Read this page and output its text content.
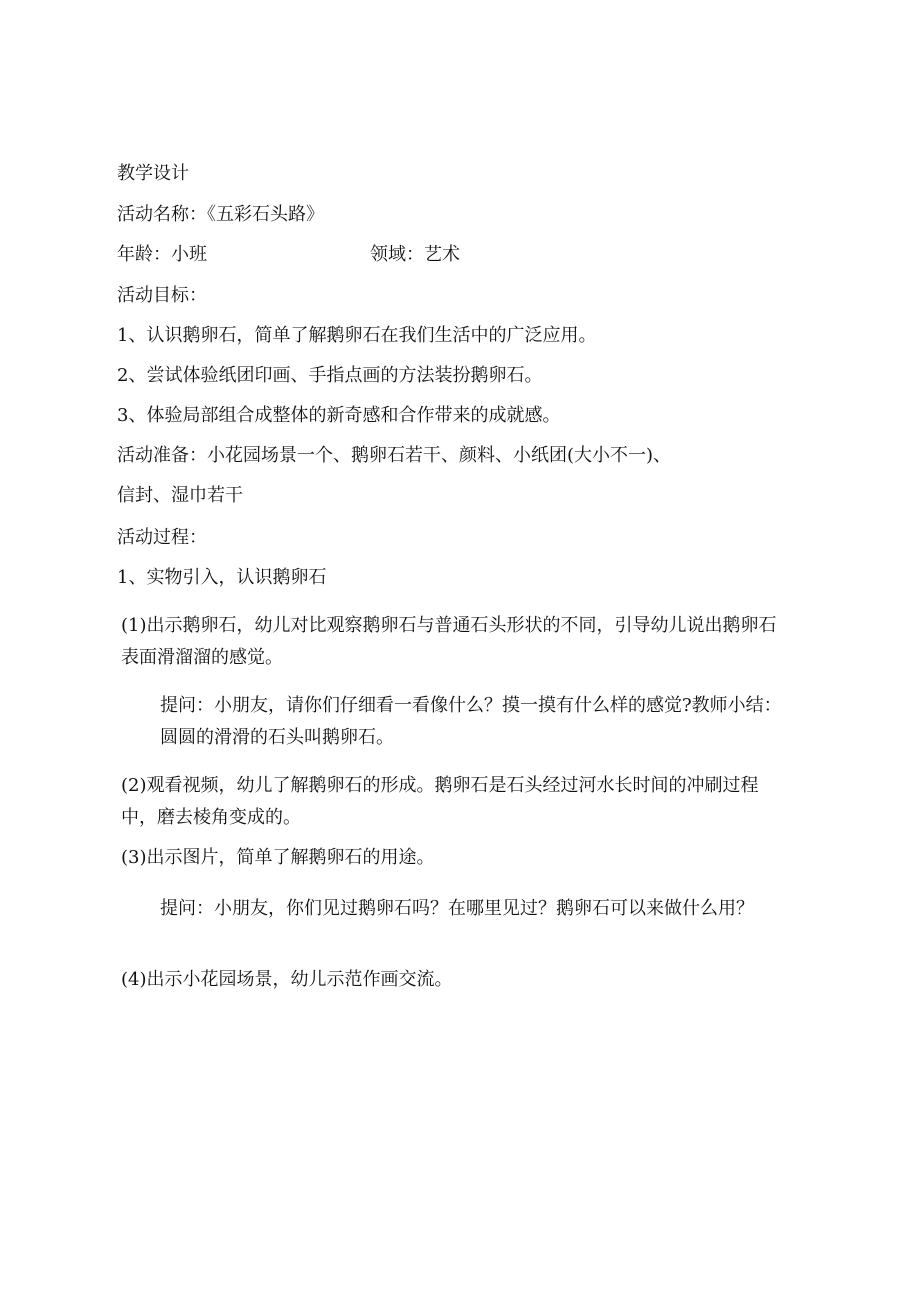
教学设计
活动名称：《五彩石头路》
年龄：小班	领域：艺术
活动目标：
1、认识鹅卵石，简单了解鹅卵石在我们生活中的广泛应用。
2、尝试体验纸团印画、手指点画的方法装扮鹅卵石。
3、体验局部组合成整体的新奇感和合作带来的成就感。
活动准备：小花园场景一个、鹅卵石若干、颜料、小纸团(大小不一)、
信封、湿巾若干
活动过程：
1、实物引入，认识鹅卵石
(1)出示鹅卵石，幼儿对比观察鹅卵石与普通石头形状的不同，引导幼儿说出鹅卵石表面滑溜溜的感觉。
提问：小朋友，请你们仔细看一看像什么？摸一摸有什么样的感觉?教师小结：圆圆的滑滑的石头叫鹅卵石。
(2)观看视频，幼儿了解鹅卵石的形成。鹅卵石是石头经过河水长时间的冲刷过程中，磨去棱角变成的。
(3)出示图片，简单了解鹅卵石的用途。
提问：小朋友，你们见过鹅卵石吗？在哪里见过？鹅卵石可以来做什么用？
(4)出示小花园场景，幼儿示范作画交流。
